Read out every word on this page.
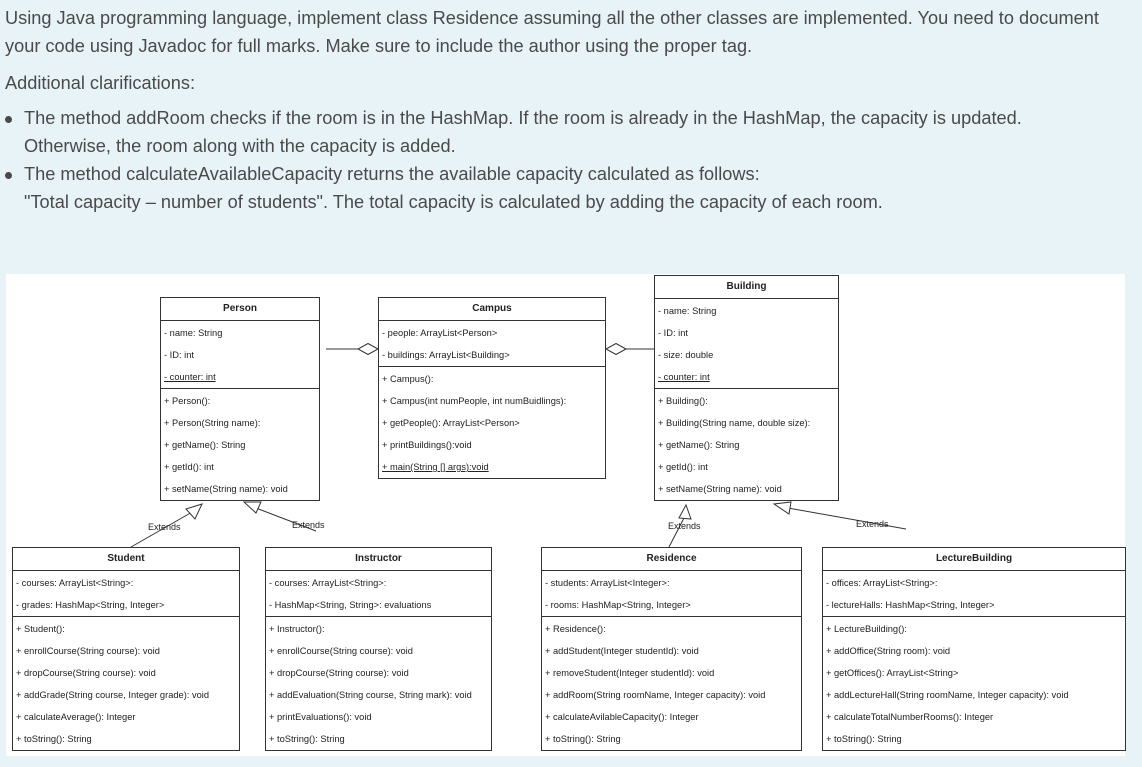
Using Java programming language, implement class Residence assuming all the other classes are implemented. You need to document your code using Javadoc for full marks. Make sure to include the author using the proper tag.

Additional clarifications:

The method addRoom checks if the room is in the HashMap. If the room is already in the HashMap, the capacity is updated.
Otherwise, the room along with the capacity is added.
The method calculateAvailableCapacity returns the available capacity calculated as follows:
"Total capacity – number of students". The total capacity is calculated by adding the capacity of each room.
Extends	Extends	Extends	Extends
Person
- name: String
- ID: int
- counter: int
+ Person():
+ Person(String name):
+ getName(): String
+ getId(): int
+ setName(String name): void
Campus
- people: ArrayList<Person>
- buildings: ArrayList<Building>
+ Campus():
+ Campus(int numPeople, int numBuidlings):
+ getPeople(): ArrayList<Person>
+ printBuildings():void
+ main(String [] args):void
Building
- name: String
- ID: int
- size: double
- counter: int
+ Building():
+ Building(String name, double size):
+ getName(): String
+ getId(): int
+ setName(String name): void
Student
- courses: ArrayList<String>:
- grades: HashMap<String, Integer>
+ Student():
+ enrollCourse(String course): void
+ dropCourse(String course): void
+ addGrade(String course, Integer grade): void
+ calculateAverage(): Integer
+ toString(): String
Instructor
- courses: ArrayList<String>:
- HashMap<String, String>: evaluations
+ Instructor():
+ enrollCourse(String course): void
+ dropCourse(String course): void
+ addEvaluation(String course, String mark): void
+ printEvaluations(): void
+ toString(): String
Residence
- students: ArrayList<Integer>:
- rooms: HashMap<String, Integer>
+ Residence():
+ addStudent(Integer studentId): void
+ removeStudent(Integer studentId): void
+ addRoom(String roomName, Integer capacity): void
+ calculateAvilableCapacity(): Integer
+ toString(): String
LectureBuilding
- offices: ArrayList<String>:
- lectureHalls: HashMap<String, Integer>
+ LectureBuilding():
+ addOffice(String room): void
+ getOffices(): ArrayList<String>
+ addLectureHall(String roomName, Integer capacity): void
+ calculateTotalNumberRooms(): Integer
+ toString(): String
